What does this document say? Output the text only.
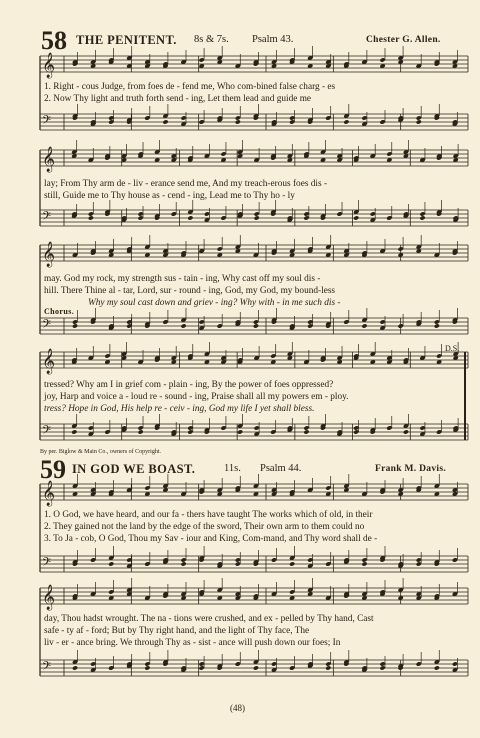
𝄞
𝄢
𝄞
𝄢
𝄞
𝄢
𝄞
𝄢
𝄞
𝄢
𝄞
𝄢
58 THE PENITENT. 8s & 7s. Psalm 43.	Chester G. Allen.
1. Right - cous Judge, from foes de - fend me, Who com-bined false charg - es
2. Now Thy light and truth forth send - ing, Let them lead and guide me
lay; From Thy arm de - liv - erance send me, And my treach-erous foes dis -
still, Guide me to Thy house as - cend - ing, Lead me to Thy ho - ly
may. God my rock, my strength sus - tain - ing, Why cast off my soul dis -
hill. There Thine al - tar, Lord, sur - round - ing, God, my God, my bound-less
Why my soul cast down and griev - ing? Why with - in me such dis -
Chorus.
D.S.
tressed? Why am I in grief com - plain - ing, By the power of foes oppressed?
joy, Harp and voice a - loud re - sound - ing, Praise shall all my powers em - ploy.
tress? Hope in God, His help re - ceiv - ing, God my life I yet shall bless.
By per. Biglow & Main Co., owners of Copyright.
59 IN GOD WE BOAST.	11s. Psalm 44.	Frank M. Davis.
1. O God, we have heard, and our fa - thers have taught The works which of old, in their
2. They gained not the land by the edge of the sword, Their own arm to them could no
3. To Ja - cob, O God, Thou my Sav - iour and King, Com-mand, and Thy word shall de -
day, Thou hadst wrought. The na - tions were crushed, and ex - pelled by Thy hand, Cast
safe - ty af - ford; But by Thy right hand, and the light of Thy face, The
liv - er - ance bring. We through Thy as - sist - ance will push down our foes; In
(48)
